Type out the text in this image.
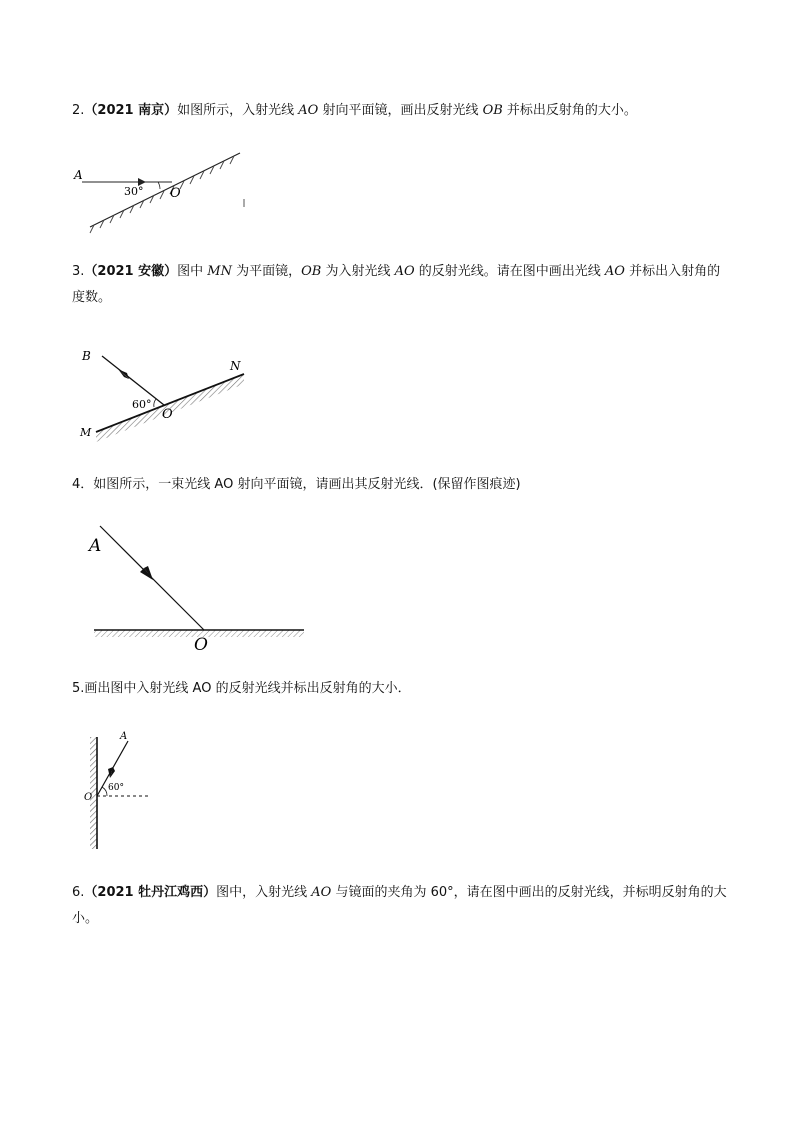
2.（2021 南京）如图所示，入射光线 AO 射向平面镜，画出反射光线 OB 并标出反射角的大小。
A
30° O
3.（2021 安徽）图中 MN 为平面镜，OB 为入射光线 AO 的反射光线。请在图中画出光线 AO 并标出入射角的度数。
B
N
M
60°
O
4．如图所示，一束光线 AO 射向平面镜，请画出其反射光线．(保留作图痕迹)
A
O
5.画出图中入射光线 AO 的反射光线并标出反射角的大小．
A
60°
O
6.（2021 牡丹江鸡西）图中，入射光线 AO 与镜面的夹角为 60°，请在图中画出的反射光线，并标明反射角的大小。
